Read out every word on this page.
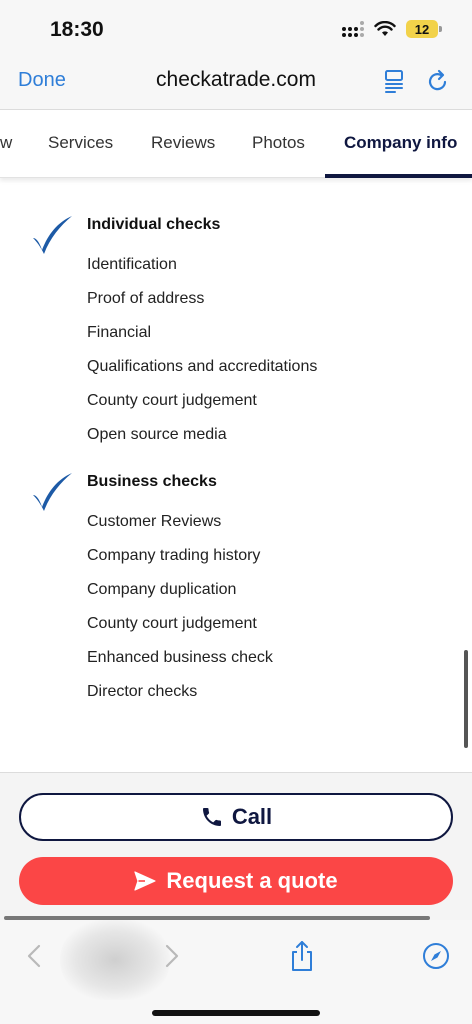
18:30	12
Done	checkatrade.com
w Services Reviews Photos Company info
Individual checks
Identification
Proof of address
Financial
Qualifications and accreditations
County court judgement
Open source media
Business checks
Customer Reviews
Company trading history
Company duplication
County court judgement
Enhanced business check
Director checks
Call
Request a quote
